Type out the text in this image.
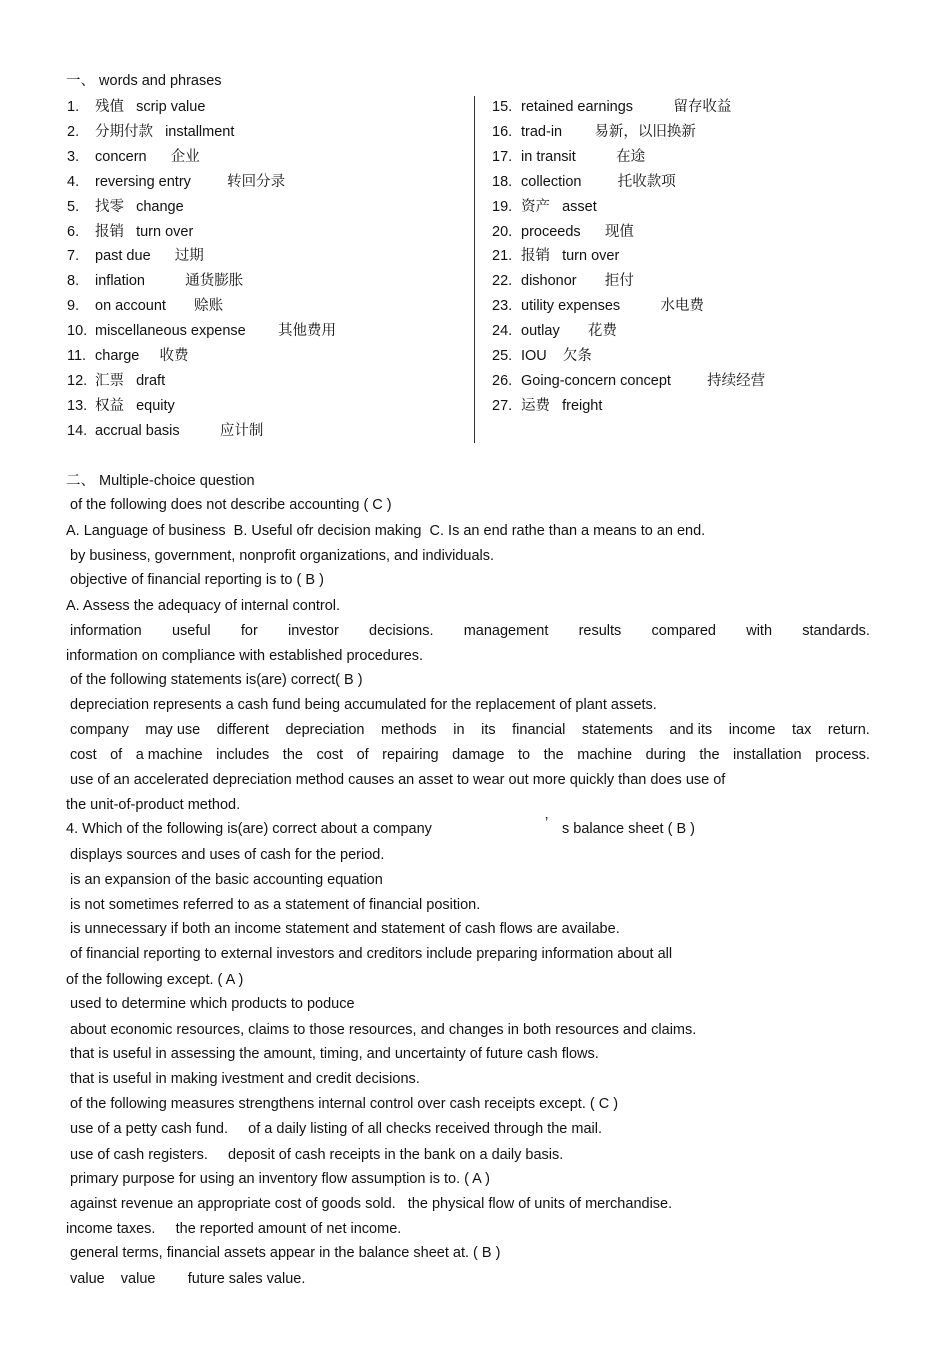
一、 words and phrases
1. 残值   scrip value
2. 分期付款   installment
3. concern      企业
4. reversing entry         转回分录
5. 找零   change
6. 报销   turn over
7. past due      过期
8. inflation          通货膨胀
9. on account       赊账
10. miscellaneous expense        其他费用
11. charge     收费
12. 汇票   draft
13. 权益   equity
14. accrual basis          应计制
15. retained earnings          留存收益
16. trad-in        易新，以旧换新
17. in transit          在途
18. collection         托收款项
19. 资产   asset
20. proceeds      现值
21. 报销   turn over
22. dishonor       拒付
23. utility expenses          水电费
24. outlay       花费
25. IOU    欠条
26. Going-concern concept         持续经营
27. 运费   freight
二、 Multiple-choice question
of the following does not describe accounting ( C )
A. Language of business  B. Useful ofr decision making  C. Is an end rathe than a means to an end.
by business, government, nonprofit organizations, and individuals.
objective of financial reporting is to ( B )
A. Assess the adequacy of internal control.
information useful for investor decisions. management results compared with standards.
information on compliance with established procedures.
of the following statements is(are) correct( B )
depreciation represents a cash fund being accumulated for the replacement of plant assets.
company may use different depreciation methods in its financial statements and its income tax return.
cost of a machine includes the cost of repairing damage to the machine during the installation process.
use of an accelerated depreciation method causes an asset to wear out more quickly than does use of
the unit-of-product method.
4. Which of the following is(are) correct about a company	’ s balance sheet ( B )
displays sources and uses of cash for the period.
is an expansion of the basic accounting equation
is not sometimes referred to as a statement of financial position.
is unnecessary if both an income statement and statement of cash flows are availabe.
of financial reporting to external investors and creditors include preparing information about all
of the following except. ( A )
used to determine which products to poduce
about economic resources, claims to those resources, and changes in both resources and claims.
that is useful in assessing the amount, timing, and uncertainty of future cash flows.
that is useful in making ivestment and credit decisions.
of the following measures strengthens internal control over cash receipts except. ( C )
use of a petty cash fund.     of a daily listing of all checks received through the mail.
use of cash registers.     deposit of cash receipts in the bank on a daily basis.
primary purpose for using an inventory flow assumption is to. ( A )
against revenue an appropriate cost of goods sold.   the physical flow of units of merchandise.
income taxes.     the reported amount of net income.
general terms, financial assets appear in the balance sheet at. ( B )
value    value        future sales value.
